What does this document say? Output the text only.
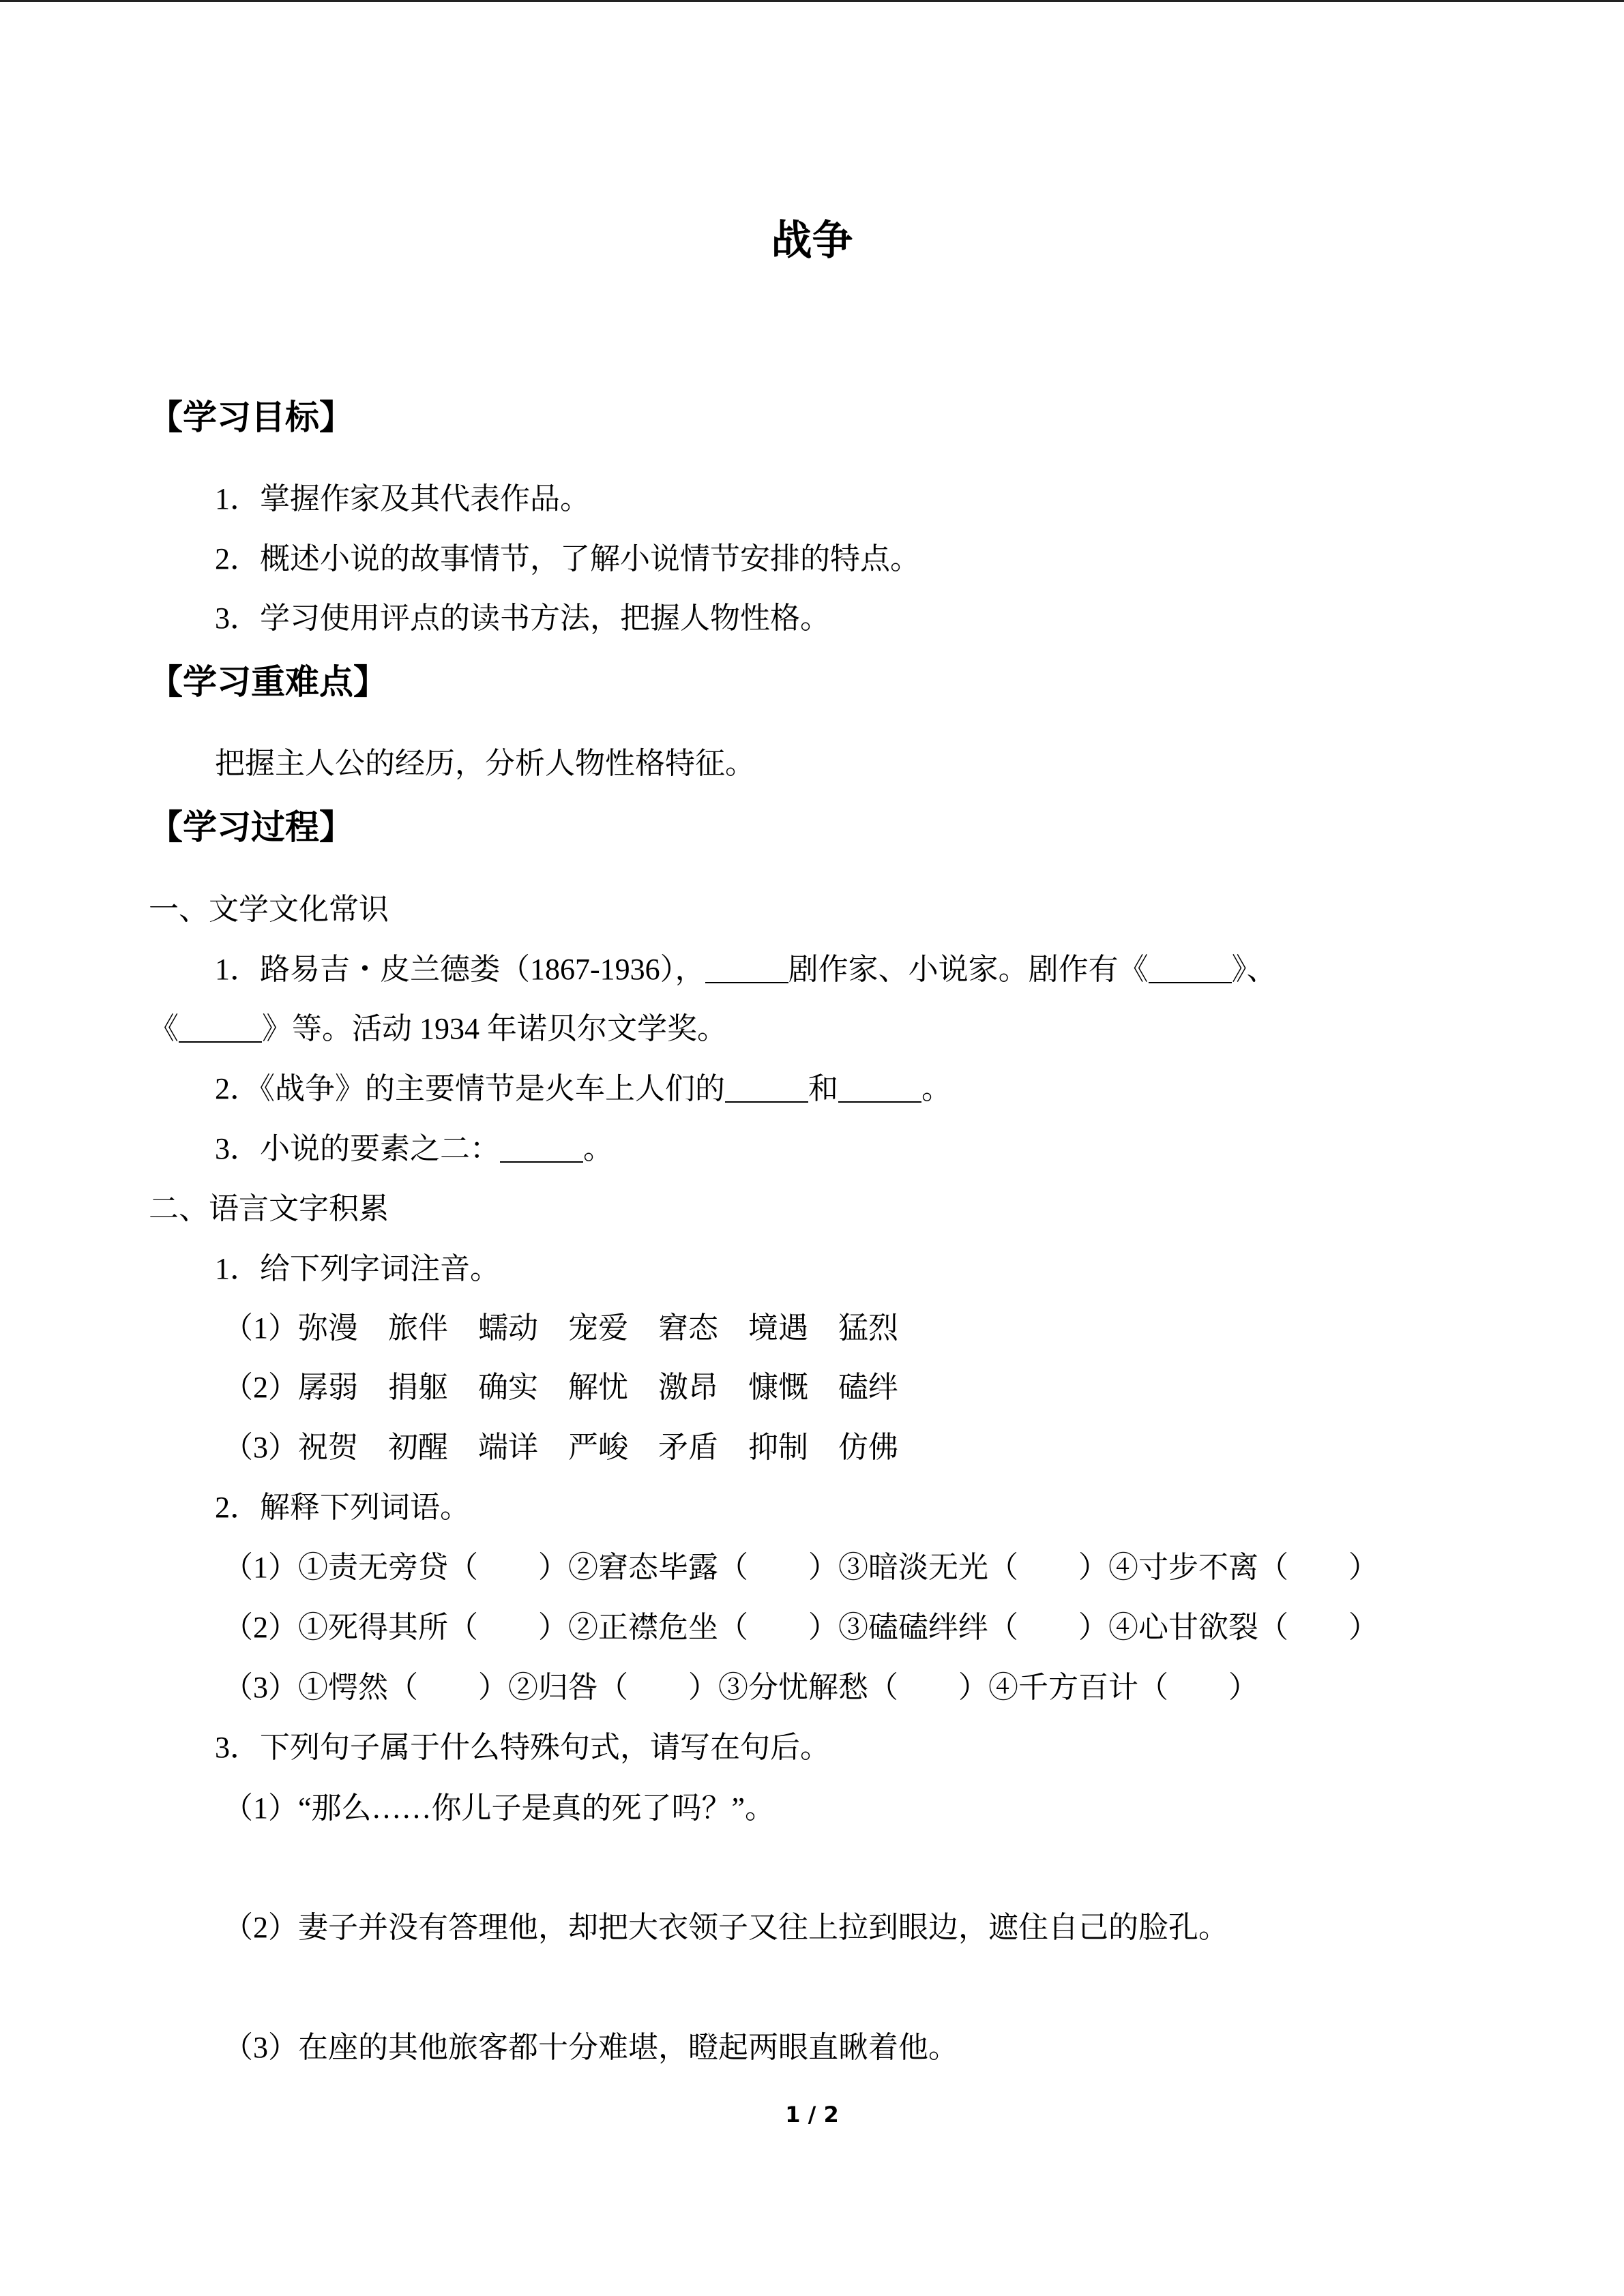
战争
【学习目标】
1．掌握作家及其代表作品。
2．概述小说的故事情节，了解小说情节安排的特点。
3．学习使用评点的读书方法，把握人物性格。
【学习重难点】
把握主人公的经历，分析人物性格特征。
【学习过程】
一、文学文化常识
1．路易吉・皮兰德娄（1867-1936），	剧作家、小说家。剧作有《	》、
《	》等。活动 1934 年诺贝尔文学奖。
2．《战争》的主要情节是火车上人们的	和	。
3．小说的要素之二：	。
二、语言文字积累
1．给下列字词注音。
（1）弥漫　旅伴　蠕动　宠爱　窘态　境遇　猛烈
（2）孱弱　捐躯　确实　解忧　激昂　慷慨　磕绊
（3）祝贺　初醒　端详　严峻　矛盾　抑制　仿佛
2．解释下列词语。
（1）①责无旁贷（　　）②窘态毕露（　　）③暗淡无光（　　）④寸步不离（　　）
（2）①死得其所（　　）②正襟危坐（　　）③磕磕绊绊（　　）④心甘欲裂（　　）
（3）①愕然（　　）②归咎（　　）③分忧解愁（　　）④千方百计（　　）
3．下列句子属于什么特殊句式，请写在句后。
（1）“那么……你儿子是真的死了吗？”。
（2）妻子并没有答理他，却把大衣领子又往上拉到眼边，遮住自己的脸孔。
（3）在座的其他旅客都十分难堪，瞪起两眼直瞅着他。
1 / 2
